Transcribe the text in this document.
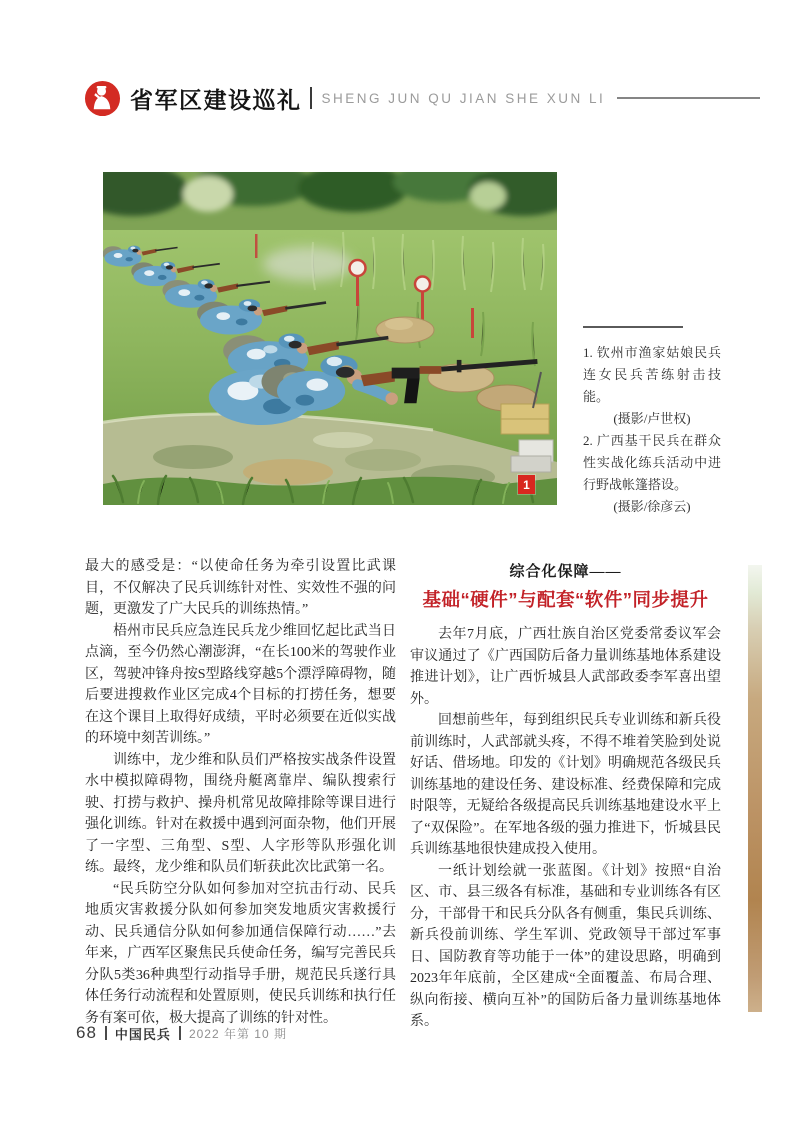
省军区建设巡礼 SHENG JUN QU JIAN SHE XUN LI
1

1. 钦州市渔家姑娘民兵连女民兵苦练射击技能。

(摄影/卢世权)

2. 广西基干民兵在群众性实战化练兵活动中进行野战帐篷搭设。

(摄影/徐彦云)

最大的感受是：“以使命任务为牵引设置比武课目，不仅解决了民兵训练针对性、实效性不强的问题，更激发了广大民兵的训练热情。”

梧州市民兵应急连民兵龙少维回忆起比武当日点滴，至今仍然心潮澎湃，“在长100米的驾驶作业区，驾驶冲锋舟按S型路线穿越5个漂浮障碍物，随后要进搜救作业区完成4个目标的打捞任务，想要在这个课目上取得好成绩，平时必须要在近似实战的环境中刻苦训练。”

训练中，龙少维和队员们严格按实战条件设置水中模拟障碍物，围绕舟艇离靠岸、编队搜索行驶、打捞与救护、操舟机常见故障排除等课目进行强化训练。针对在救援中遇到河面杂物，他们开展了一字型、三角型、S型、人字形等队形强化训练。最终，龙少维和队员们斩获此次比武第一名。

“民兵防空分队如何参加对空抗击行动、民兵地质灾害救援分队如何参加突发地质灾害救援行动、民兵通信分队如何参加通信保障行动……”去年来，广西军区聚焦民兵使命任务，编写完善民兵分队5类36种典型行动指导手册，规范民兵遂行具体任务行动流程和处置原则，使民兵训练和执行任务有案可依，极大提高了训练的针对性。

综合化保障——

基础“硬件”与配套“软件”同步提升

去年7月底，广西壮族自治区党委常委议军会审议通过了《广西国防后备力量训练基地体系建设推进计划》，让广西忻城县人武部政委李军喜出望外。

回想前些年，每到组织民兵专业训练和新兵役前训练时，人武部就头疼，不得不堆着笑脸到处说好话、借场地。印发的《计划》明确规范各级民兵训练基地的建设任务、建设标准、经费保障和完成时限等，无疑给各级提高民兵训练基地建设水平上了“双保险”。在军地各级的强力推进下，忻城县民兵训练基地很快建成投入使用。

一纸计划绘就一张蓝图。《计划》按照“自治区、市、县三级各有标准，基础和专业训练各有区分，干部骨干和民兵分队各有侧重，集民兵训练、新兵役前训练、学生军训、党政领导干部过军事日、国防教育等功能于一体”的建设思路，明确到2023年年底前，全区建成“全面覆盖、布局合理、纵向衔接、横向互补”的国防后备力量训练基地体系。

68 中国民兵 2022 年第 10 期
